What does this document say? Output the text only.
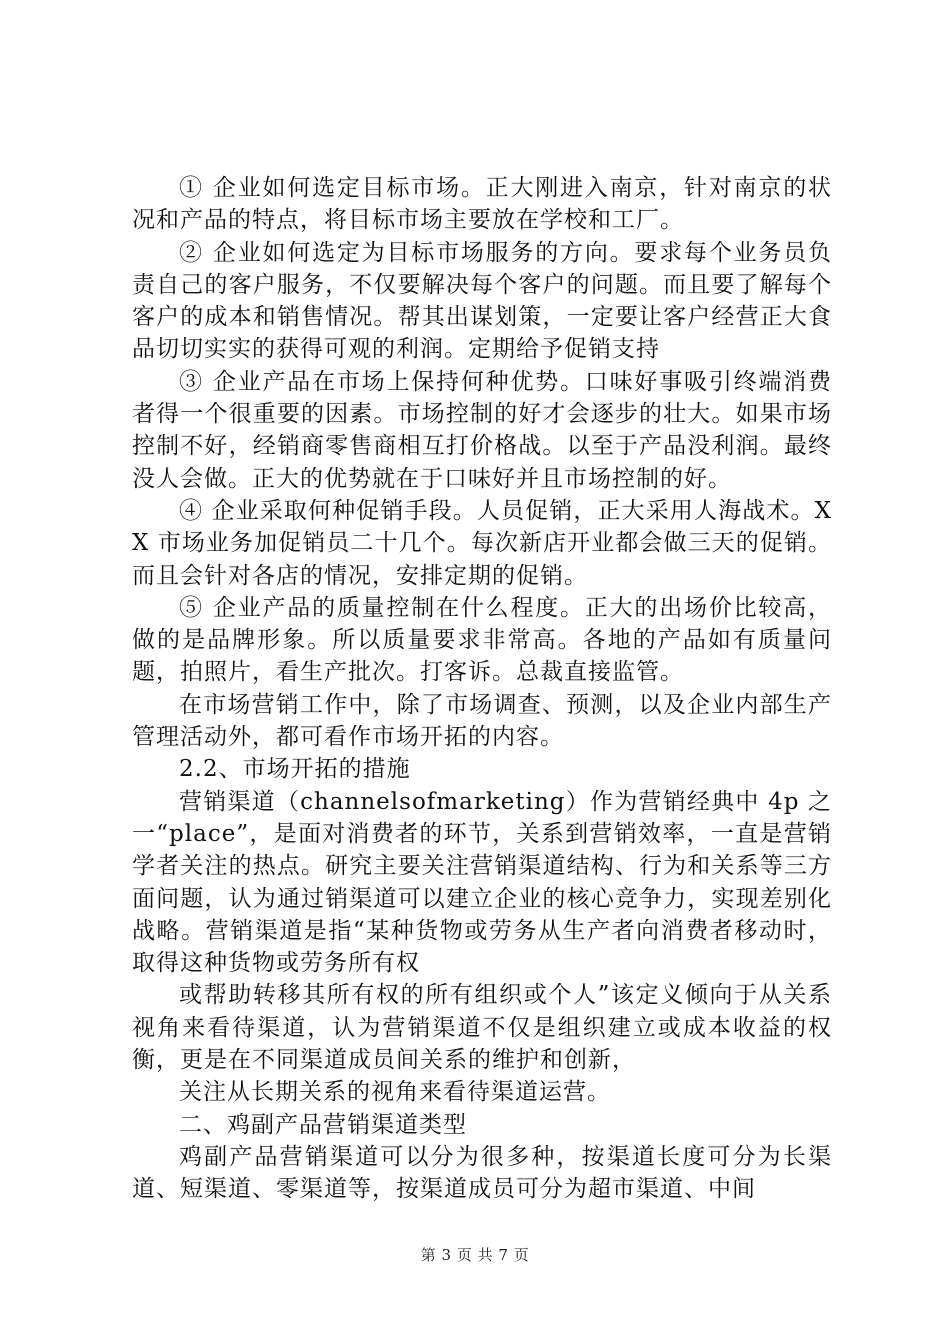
① 企业如何选定目标市场。正大刚进入南京，针对南京的状况和产品的特点，将目标市场主要放在学校和工厂。

② 企业如何选定为目标市场服务的方向。要求每个业务员负责自己的客户服务，不仅要解决每个客户的问题。而且要了解每个客户的成本和销售情况。帮其出谋划策，一定要让客户经营正大食品切切实实的获得可观的利润。定期给予促销支持

③ 企业产品在市场上保持何种优势。口味好事吸引终端消费者得一个很重要的因素。市场控制的好才会逐步的壮大。如果市场控制不好，经销商零售商相互打价格战。以至于产品没利润。最终没人会做。正大的优势就在于口味好并且市场控制的好。

④ 企业采取何种促销手段。人员促销，正大采用人海战术。XX 市场业务加促销员二十几个。每次新店开业都会做三天的促销。而且会针对各店的情况，安排定期的促销。

⑤ 企业产品的质量控制在什么程度。正大的出场价比较高，做的是品牌形象。所以质量要求非常高。各地的产品如有质量问题，拍照片，看生产批次。打客诉。总裁直接监管。

在市场营销工作中，除了市场调查、预测，以及企业内部生产管理活动外，都可看作市场开拓的内容。

2.2、市场开拓的措施

营销渠道（channelsofmarketing）作为营销经典中 4p 之一“place”，是面对消费者的环节，关系到营销效率，一直是营销学者关注的热点。研究主要关注营销渠道结构、行为和关系等三方面问题，认为通过销渠道可以建立企业的核心竞争力，实现差别化战略。营销渠道是指“某种货物或劳务从生产者向消费者移动时，取得这种货物或劳务所有权

或帮助转移其所有权的所有组织或个人”该定义倾向于从关系视角来看待渠道，认为营销渠道不仅是组织建立或成本收益的权衡，更是在不同渠道成员间关系的维护和创新，

关注从长期关系的视角来看待渠道运营。

二、鸡副产品营销渠道类型

鸡副产品营销渠道可以分为很多种，按渠道长度可分为长渠道、短渠道、零渠道等，按渠道成员可分为超市渠道、中间

第 3 页 共 7 页
